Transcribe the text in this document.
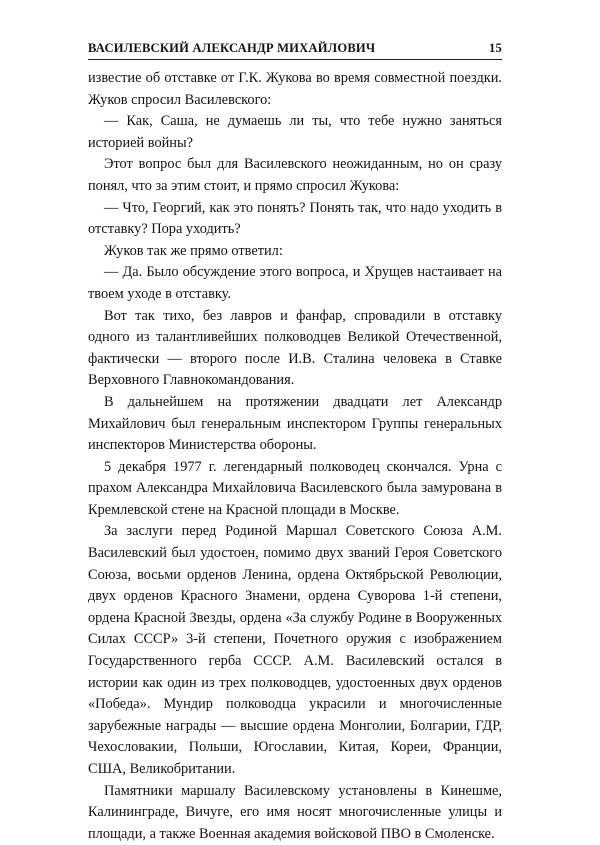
ВАСИЛЕВСКИЙ АЛЕКСАНДР МИХАЙЛОВИЧ	15

известие об отставке от Г.К. Жукова во время совместной поездки. Жуков спросил Василевского:

— Как, Саша, не думаешь ли ты, что тебе нужно заняться историей войны?

Этот вопрос был для Василевского неожиданным, но он сразу понял, что за этим стоит, и прямо спросил Жукова:

— Что, Георгий, как это понять? Понять так, что надо уходить в отставку? Пора уходить?

Жуков так же прямо ответил:

— Да. Было обсуждение этого вопроса, и Хрущев настаивает на твоем уходе в отставку.

Вот так тихо, без лавров и фанфар, спровадили в отставку одного из талантливейших полководцев Великой Отечественной, фактически — второго после И.В. Сталина человека в Ставке Верховного Главнокомандования.

В дальнейшем на протяжении двадцати лет Александр Михайлович был генеральным инспектором Группы генеральных инспекторов Министерства обороны.

5 декабря 1977 г. легендарный полководец скончался. Урна с прахом Александра Михайловича Василевского была замурована в Кремлевской стене на Красной площади в Москве.

За заслуги перед Родиной Маршал Советского Союза А.М. Василевский был удостоен, помимо двух званий Героя Советского Союза, восьми орденов Ленина, ордена Октябрьской Революции, двух орденов Красного Знамени, ордена Суворова 1-й степени, ордена Красной Звезды, ордена «За службу Родине в Вооруженных Силах СССР» 3-й степени, Почетного оружия с изображением Государственного герба СССР. А.М. Василевский остался в истории как один из трех полководцев, удостоенных двух орденов «Победа». Мундир полководца украсили и многочисленные зарубежные награды — высшие ордена Монголии, Болгарии, ГДР, Чехословакии, Польши, Югославии, Китая, Кореи, Франции, США, Великобритании.

Памятники маршалу Василевскому установлены в Кинешме, Калининграде, Вичуге, его имя носят многочисленные улицы и площади, а также Военная академия войсковой ПВО в Смоленске.
